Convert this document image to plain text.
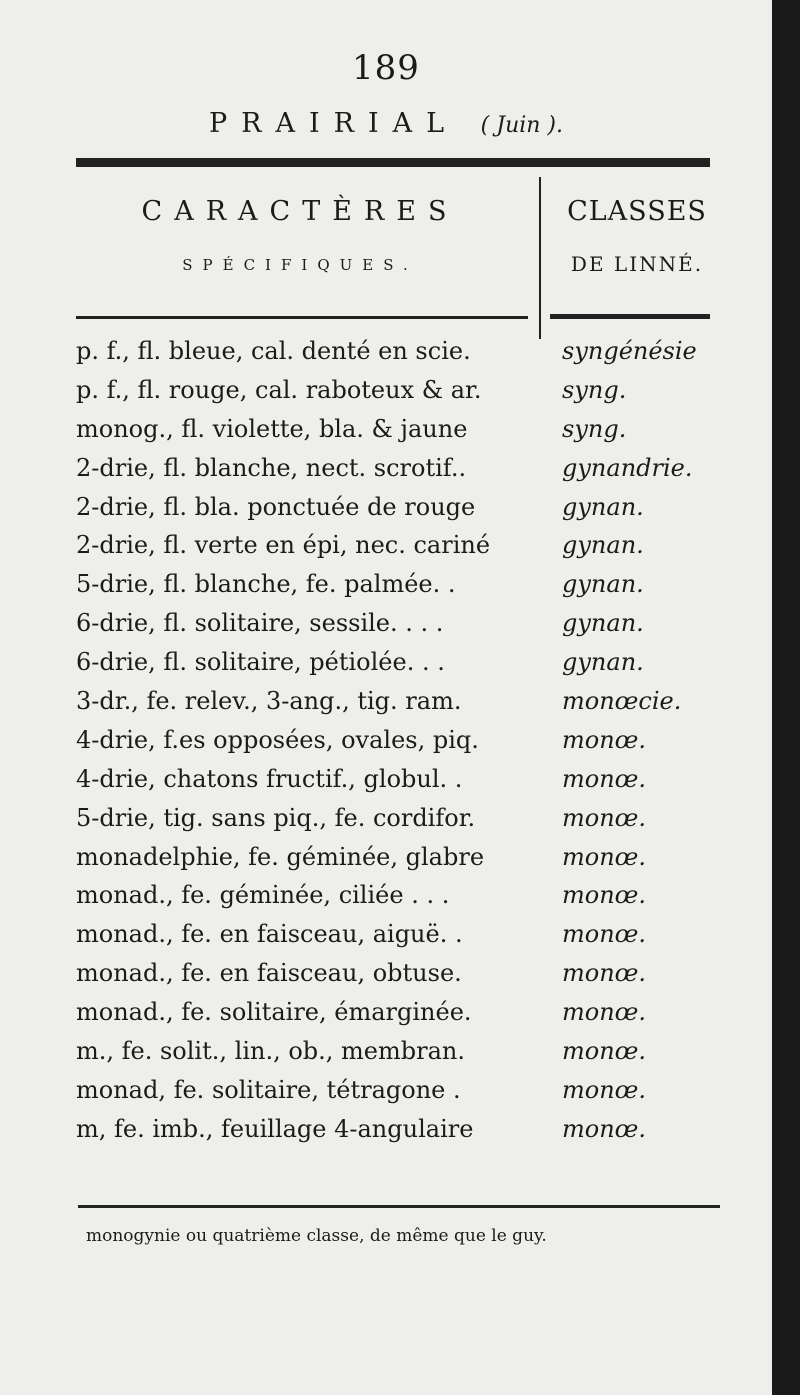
189
PRAIRIAL ( Juin ).
CARACTÈRES
SPÉCIFIQUES.
CLASSES
DE LINNÉ.
p. f., fl. bleue, cal. denté en scie.	syngénésie
p. f., fl. rouge, cal. raboteux & ar.	syng.
monog., fl. violette, bla. & jaune	syng.
2-drie, fl. blanche, nect. scrotif..	gynandrie.
2-drie, fl. bla. ponctuée de rouge	gynan.
2-drie, fl. verte en épi, nec. cariné	gynan.
5-drie, fl. blanche, fe. palmée. .	gynan.
6-drie, fl. solitaire, sessile. . . .	gynan.
6-drie, fl. solitaire, pétiolée. . .	gynan.
3-dr., fe. relev., 3-ang., tig. ram.	monœcie.
4-drie, f.es opposées, ovales, piq.	monœ.
4-drie, chatons fructif., globul. .	monœ.
5-drie, tig. sans piq., fe. cordifor.	monœ.
monadelphie, fe. géminée, glabre	monœ.
monad., fe. géminée, ciliée . . .	monœ.
monad., fe. en faisceau, aiguë. .	monœ.
monad., fe. en faisceau, obtuse.	monœ.
monad., fe. solitaire, émarginée.	monœ.
m., fe. solit., lin., ob., membran.	monœ.
monad, fe. solitaire, tétragone .	monœ.
m, fe. imb., feuillage 4-angulaire	monœ.
monogynie ou quatrième classe, de même que le guy.
